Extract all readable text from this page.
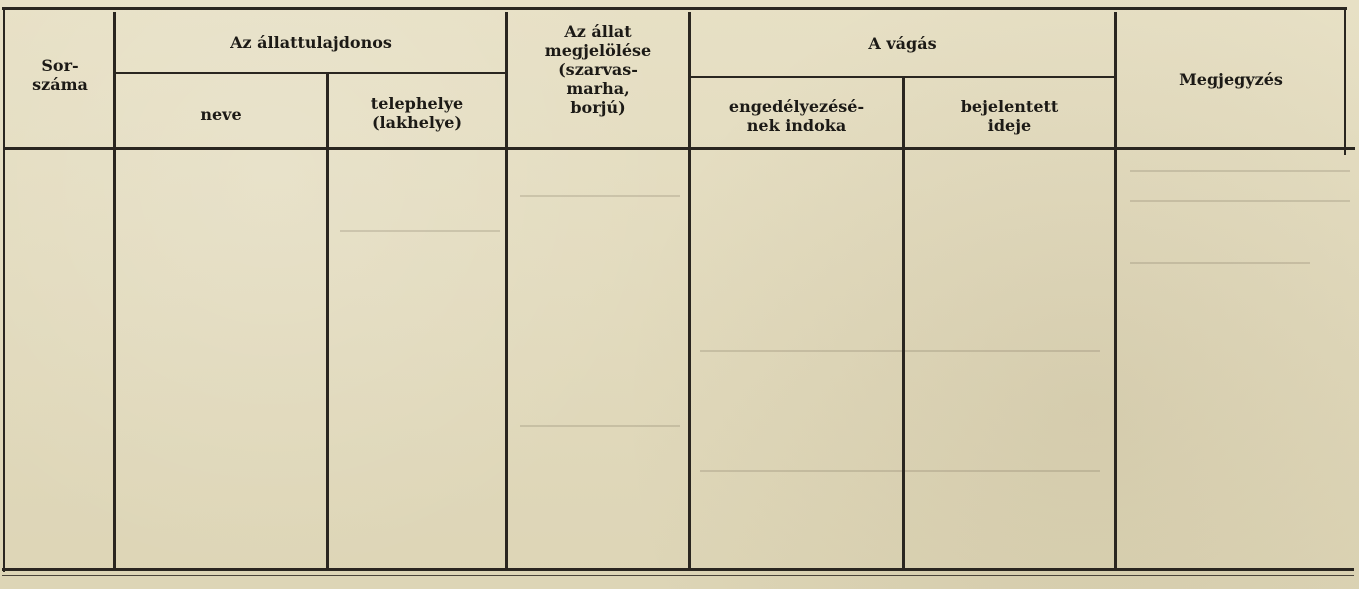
Sor-
száma
Az állattulajdonos
neve
telephelye
(lakhelye)
Az állat
megjelölése
(szarvas-
marha,
borjú)
A vágás
engedélyezésé-
nek indoka
bejelentett
ideje
Megjegyzés
